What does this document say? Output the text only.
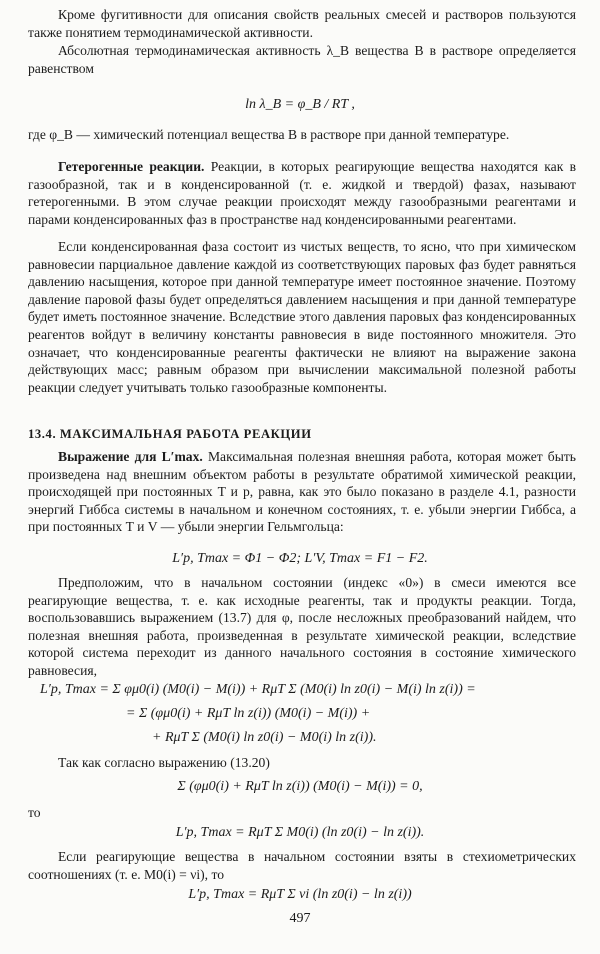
Кроме фугитивности для описания свойств реальных смесей и растворов пользуются также понятием термодинамической активности.
Абсолютная термодинамическая активность λ_B вещества B в растворе определяется равенством
ln λ_B = φ_B / RT ,
где φ_B — химический потенциал вещества B в растворе при данной температуре.
Гетерогенные реакции. Реакции, в которых реагирующие вещества находятся как в газообразной, так и в конденсированной (т. е. жидкой и твердой) фазах, называют гетерогенными. В этом случае реакции происходят между газообразными реагентами и парами конденсированных фаз в пространстве над конденсированными реагентами.
Если конденсированная фаза состоит из чистых веществ, то ясно, что при химическом равновесии парциальное давление каждой из соответствующих паровых фаз будет равняться давлению насыщения, которое при данной температуре имеет постоянное значение. Поэтому давление паровой фазы будет определяться давлением насыщения и при данной температуре будет иметь постоянное значение. Вследствие этого давления паровых фаз конденсированных реагентов войдут в величину константы равновесия в виде постоянного множителя. Это означает, что конденсированные реагенты фактически не влияют на выражение закона действующих масс; равным образом при вычислении максимальной полезной работы реакции следует учитывать только газообразные компоненты.
13.4. МАКСИМАЛЬНАЯ РАБОТА РЕАКЦИИ
Выражение для L′max. Максимальная полезная внешняя работа, которая может быть произведена над внешним объектом работы в результате обратимой химической реакции, происходящей при постоянных T и p, равна, как это было показано в разделе 4.1, разности энергий Гиббса системы в начальном и конечном состояниях, т. е. убыли энергии Гиббса, а при постоянных T и V — убыли энергии Гельмгольца:
L′p, Tmax = Φ1 − Φ2; L′V, Tmax = F1 − F2.
Предположим, что в начальном состоянии (индекс «0») в смеси имеются все реагирующие вещества, т. е. как исходные реагенты, так и продукты реакции. Тогда, воспользовавшись выражением (13.7) для φ, после несложных преобразований найдем, что полезная внешняя работа, произведенная в результате химической реакции, вследствие которой система переходит из данного начального состояния в состояние химического равновесия,
L′p, Tmax = Σ φμ0(i) (M0(i) − M(i)) + RμT Σ (M0(i) ln z0(i) − M(i) ln z(i)) =
= Σ (φμ0(i) + RμT ln z(i)) (M0(i) − M(i)) +
+ RμT Σ (M0(i) ln z0(i) − M0(i) ln z(i)).
Так как согласно выражению (13.20)
Σ (φμ0(i) + RμT ln z(i)) (M0(i) − M(i)) = 0,
то
L′p, Tmax = RμT Σ M0(i) (ln z0(i) − ln z(i)).
Если реагирующие вещества в начальном состоянии взяты в стехиометрических соотношениях (т. е. M0(i) = νi), то
L′p, Tmax = RμT Σ νi (ln z0(i) − ln z(i))
497
